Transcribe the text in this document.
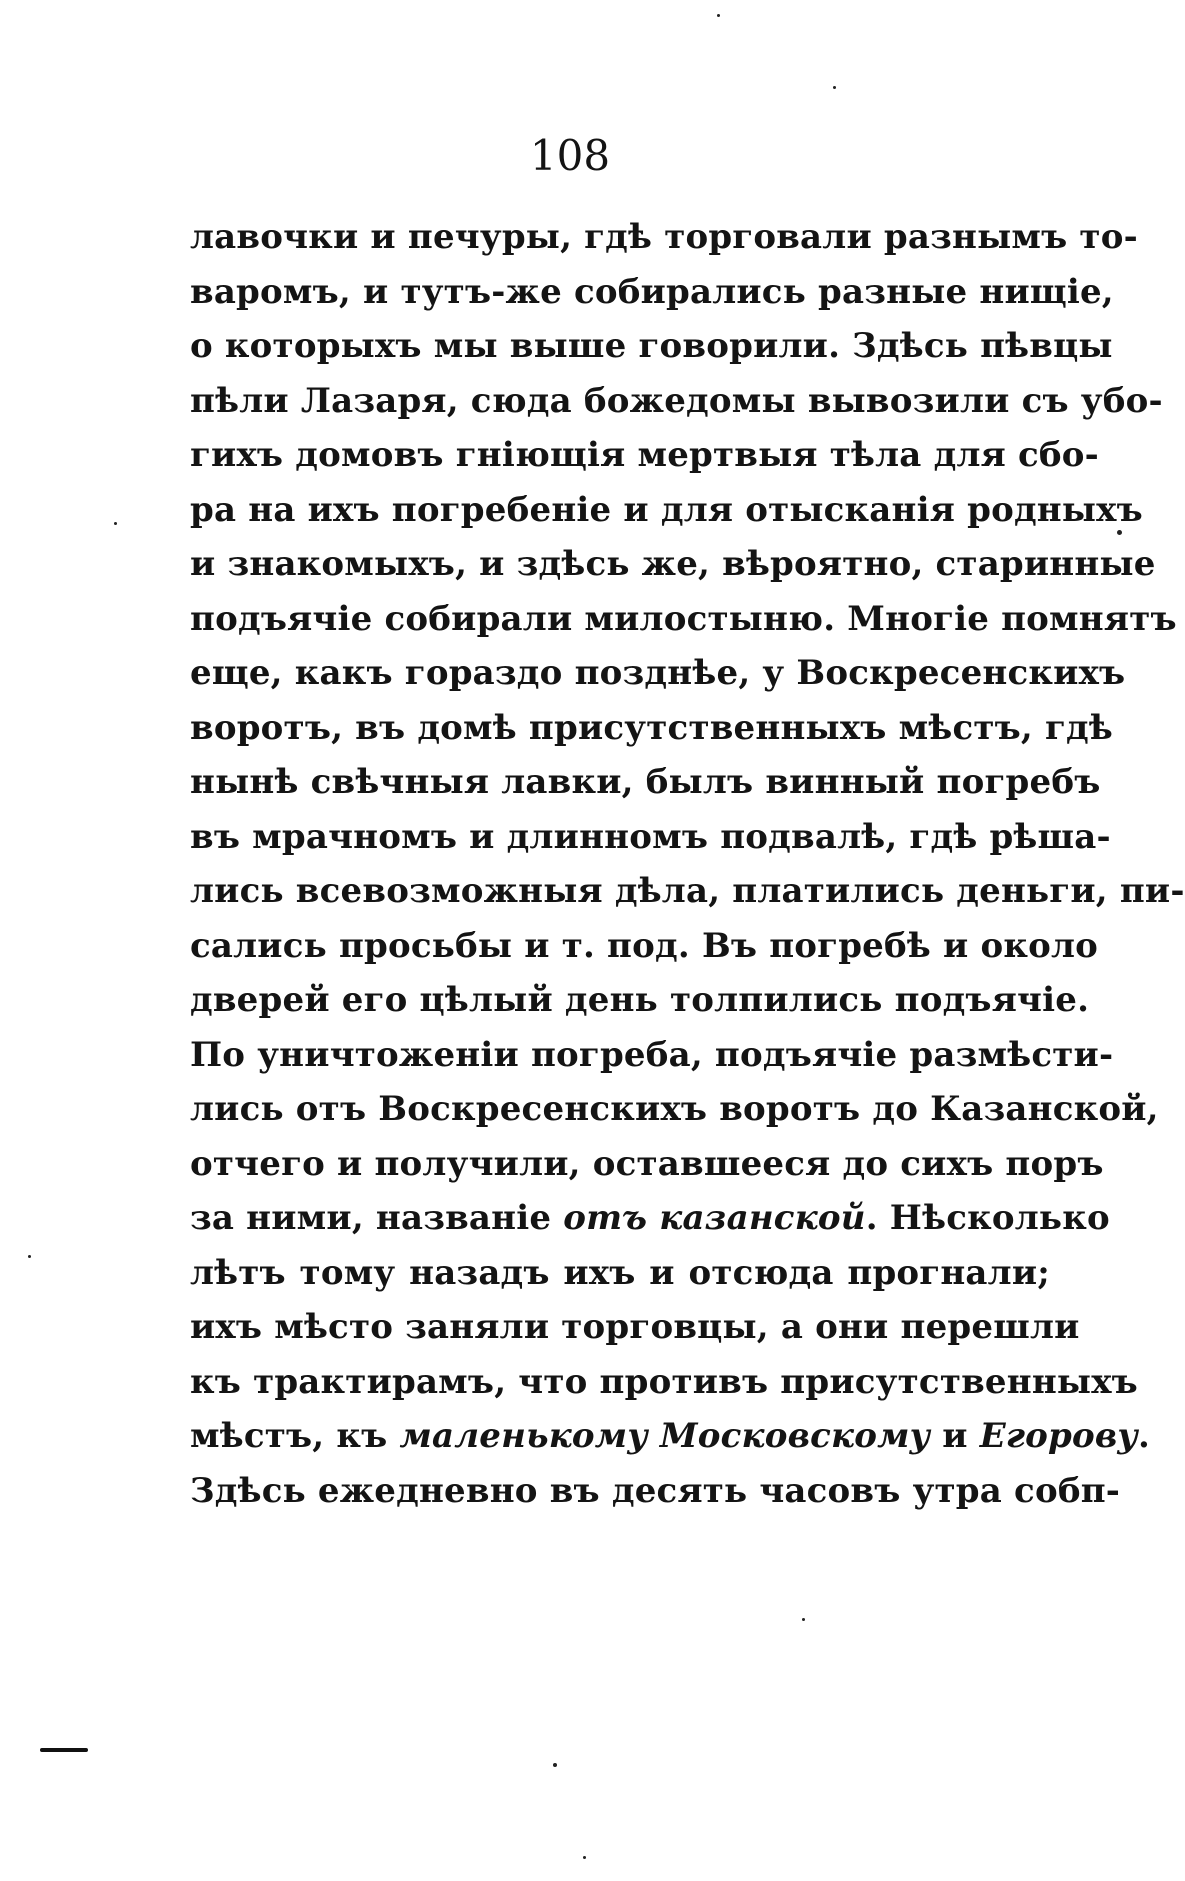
108
лавочки и печуры, гдѣ торговали разнымъ то-
варомъ, и тутъ-же собирались разные нищіе,
о которыхъ мы выше говорили. Здѣсь пѣвцы
пѣли Лазаря, сюда божедомы вывозили съ убо-
гихъ домовъ гніющія мертвыя тѣла для сбо-
ра на ихъ погребеніе и для отысканія родныхъ
и знакомыхъ, и здѣсь же, вѣроятно, старинные
подъячіе собирали милостыню. Многіе помнятъ
еще, какъ гораздо позднѣе, у Воскресенскихъ
воротъ, въ домѣ присутственныхъ мѣстъ, гдѣ
нынѣ свѣчныя лавки, былъ винный погребъ
въ мрачномъ и длинномъ подвалѣ, гдѣ рѣша-
лись всевозможныя дѣла, платились деньги, пи-
сались просьбы и т. под. Въ погребѣ и около
дверей его цѣлый день толпились подъячіе.
По уничтоженіи погреба, подъячіе размѣсти-
лись отъ Воскресенскихъ воротъ до Казанской,
отчего и получили, оставшееся до сихъ поръ
за ними, названіе отъ казанской. Нѣсколько
лѣтъ тому назадъ ихъ и отсюда прогнали;
ихъ мѣсто заняли торговцы, а они перешли
къ трактирамъ, что противъ присутственныхъ
мѣстъ, къ маленькому Московскому и Егорову.
Здѣсь ежедневно въ десять часовъ утра собп-
